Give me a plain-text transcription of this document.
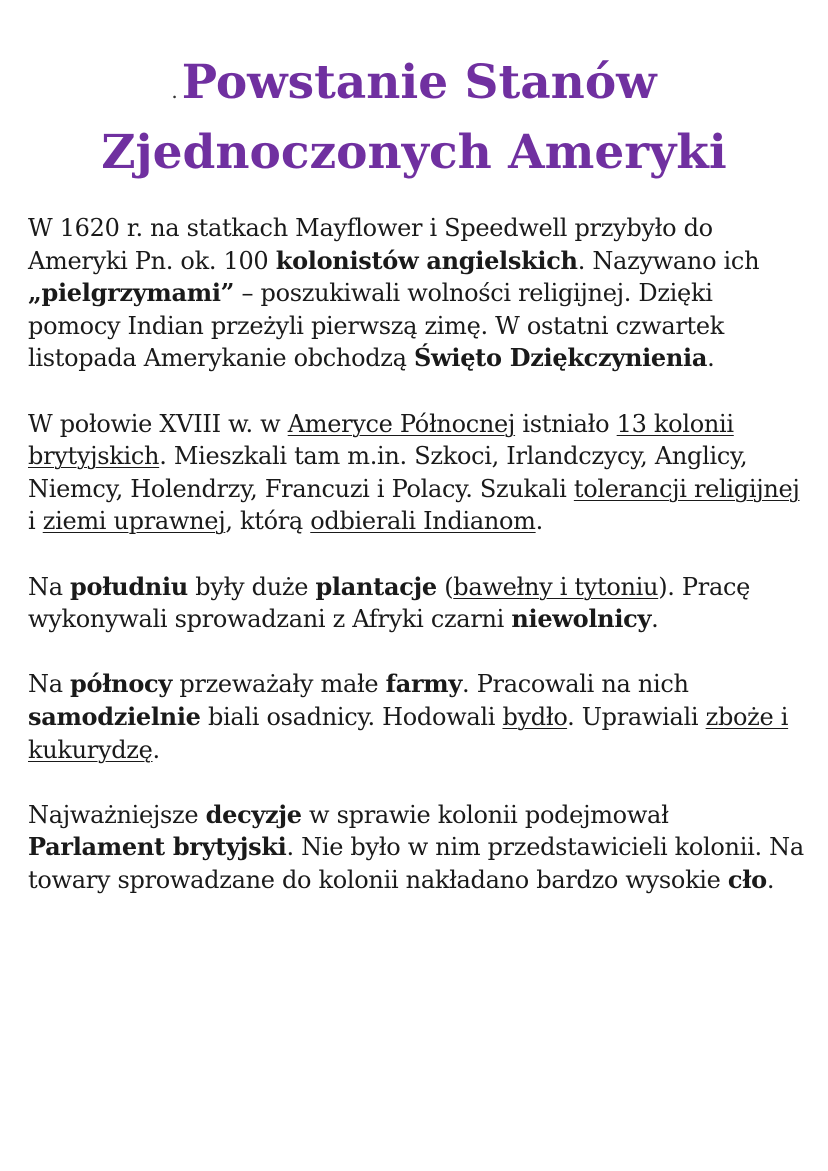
.Powstanie Stanów
Zjednoczonych Ameryki

W 1620 r. na statkach Mayflower i Speedwell przybyło do Ameryki Pn. ok. 100 kolonistów angielskich. Nazywano ich „pielgrzymami” – poszukiwali wolności religijnej. Dzięki pomocy Indian przeżyli pierwszą zimę. W ostatni czwartek listopada Amerykanie obchodzą Święto Dziękczynienia.

W połowie XVIII w. w Ameryce Północnej istniało 13 kolonii brytyjskich. Mieszkali tam m.in. Szkoci, Irlandczycy, Anglicy, Niemcy, Holendrzy, Francuzi i Polacy. Szukali tolerancji religijnej i ziemi uprawnej, którą odbierali Indianom.

Na południu były duże plantacje (bawełny i tytoniu). Pracę wykonywali sprowadzani z Afryki czarni niewolnicy.

Na północy przeważały małe farmy. Pracowali na nich samodzielnie biali osadnicy. Hodowali bydło. Uprawiali zboże i kukurydzę.

Najważniejsze decyzje w sprawie kolonii podejmował Parlament brytyjski. Nie było w nim przedstawicieli kolonii. Na towary sprowadzane do kolonii nakładano bardzo wysokie cło.
